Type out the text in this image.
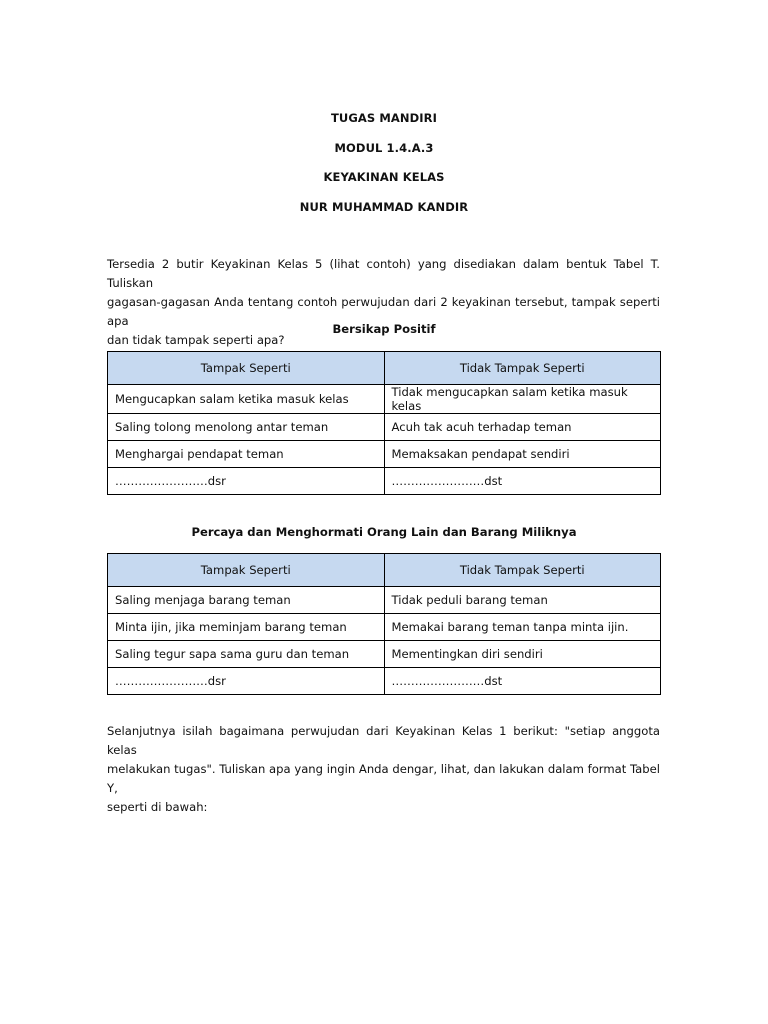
TUGAS MANDIRI
MODUL 1.4.A.3
KEYAKINAN KELAS
NUR MUHAMMAD KANDIR
Tersedia 2 butir Keyakinan Kelas 5 (lihat contoh) yang disediakan dalam bentuk Tabel T. Tuliskan
gagasan-gagasan Anda tentang contoh perwujudan dari 2 keyakinan tersebut, tampak seperti apa
dan tidak tampak seperti apa?
Bersikap Positif
Tampak Seperti	Tidak Tampak Seperti
Mengucapkan salam ketika masuk kelas	Tidak mengucapkan salam ketika masuk kelas
Saling tolong menolong antar teman	Acuh tak acuh terhadap teman
Menghargai pendapat teman	Memaksakan pendapat sendiri
……………………dsr	……………………dst
Percaya dan Menghormati Orang Lain dan Barang Miliknya
Tampak Seperti	Tidak Tampak Seperti
Saling menjaga barang teman	Tidak peduli barang teman
Minta ijin, jika meminjam barang teman	Memakai barang teman tanpa minta ijin.
Saling tegur sapa sama guru dan teman	Mementingkan diri sendiri
……………………dsr	……………………dst
Selanjutnya isilah bagaimana perwujudan dari Keyakinan Kelas 1 berikut: "setiap anggota kelas
melakukan tugas". Tuliskan apa yang ingin Anda dengar, lihat, dan lakukan dalam format Tabel Y,
seperti di bawah:
